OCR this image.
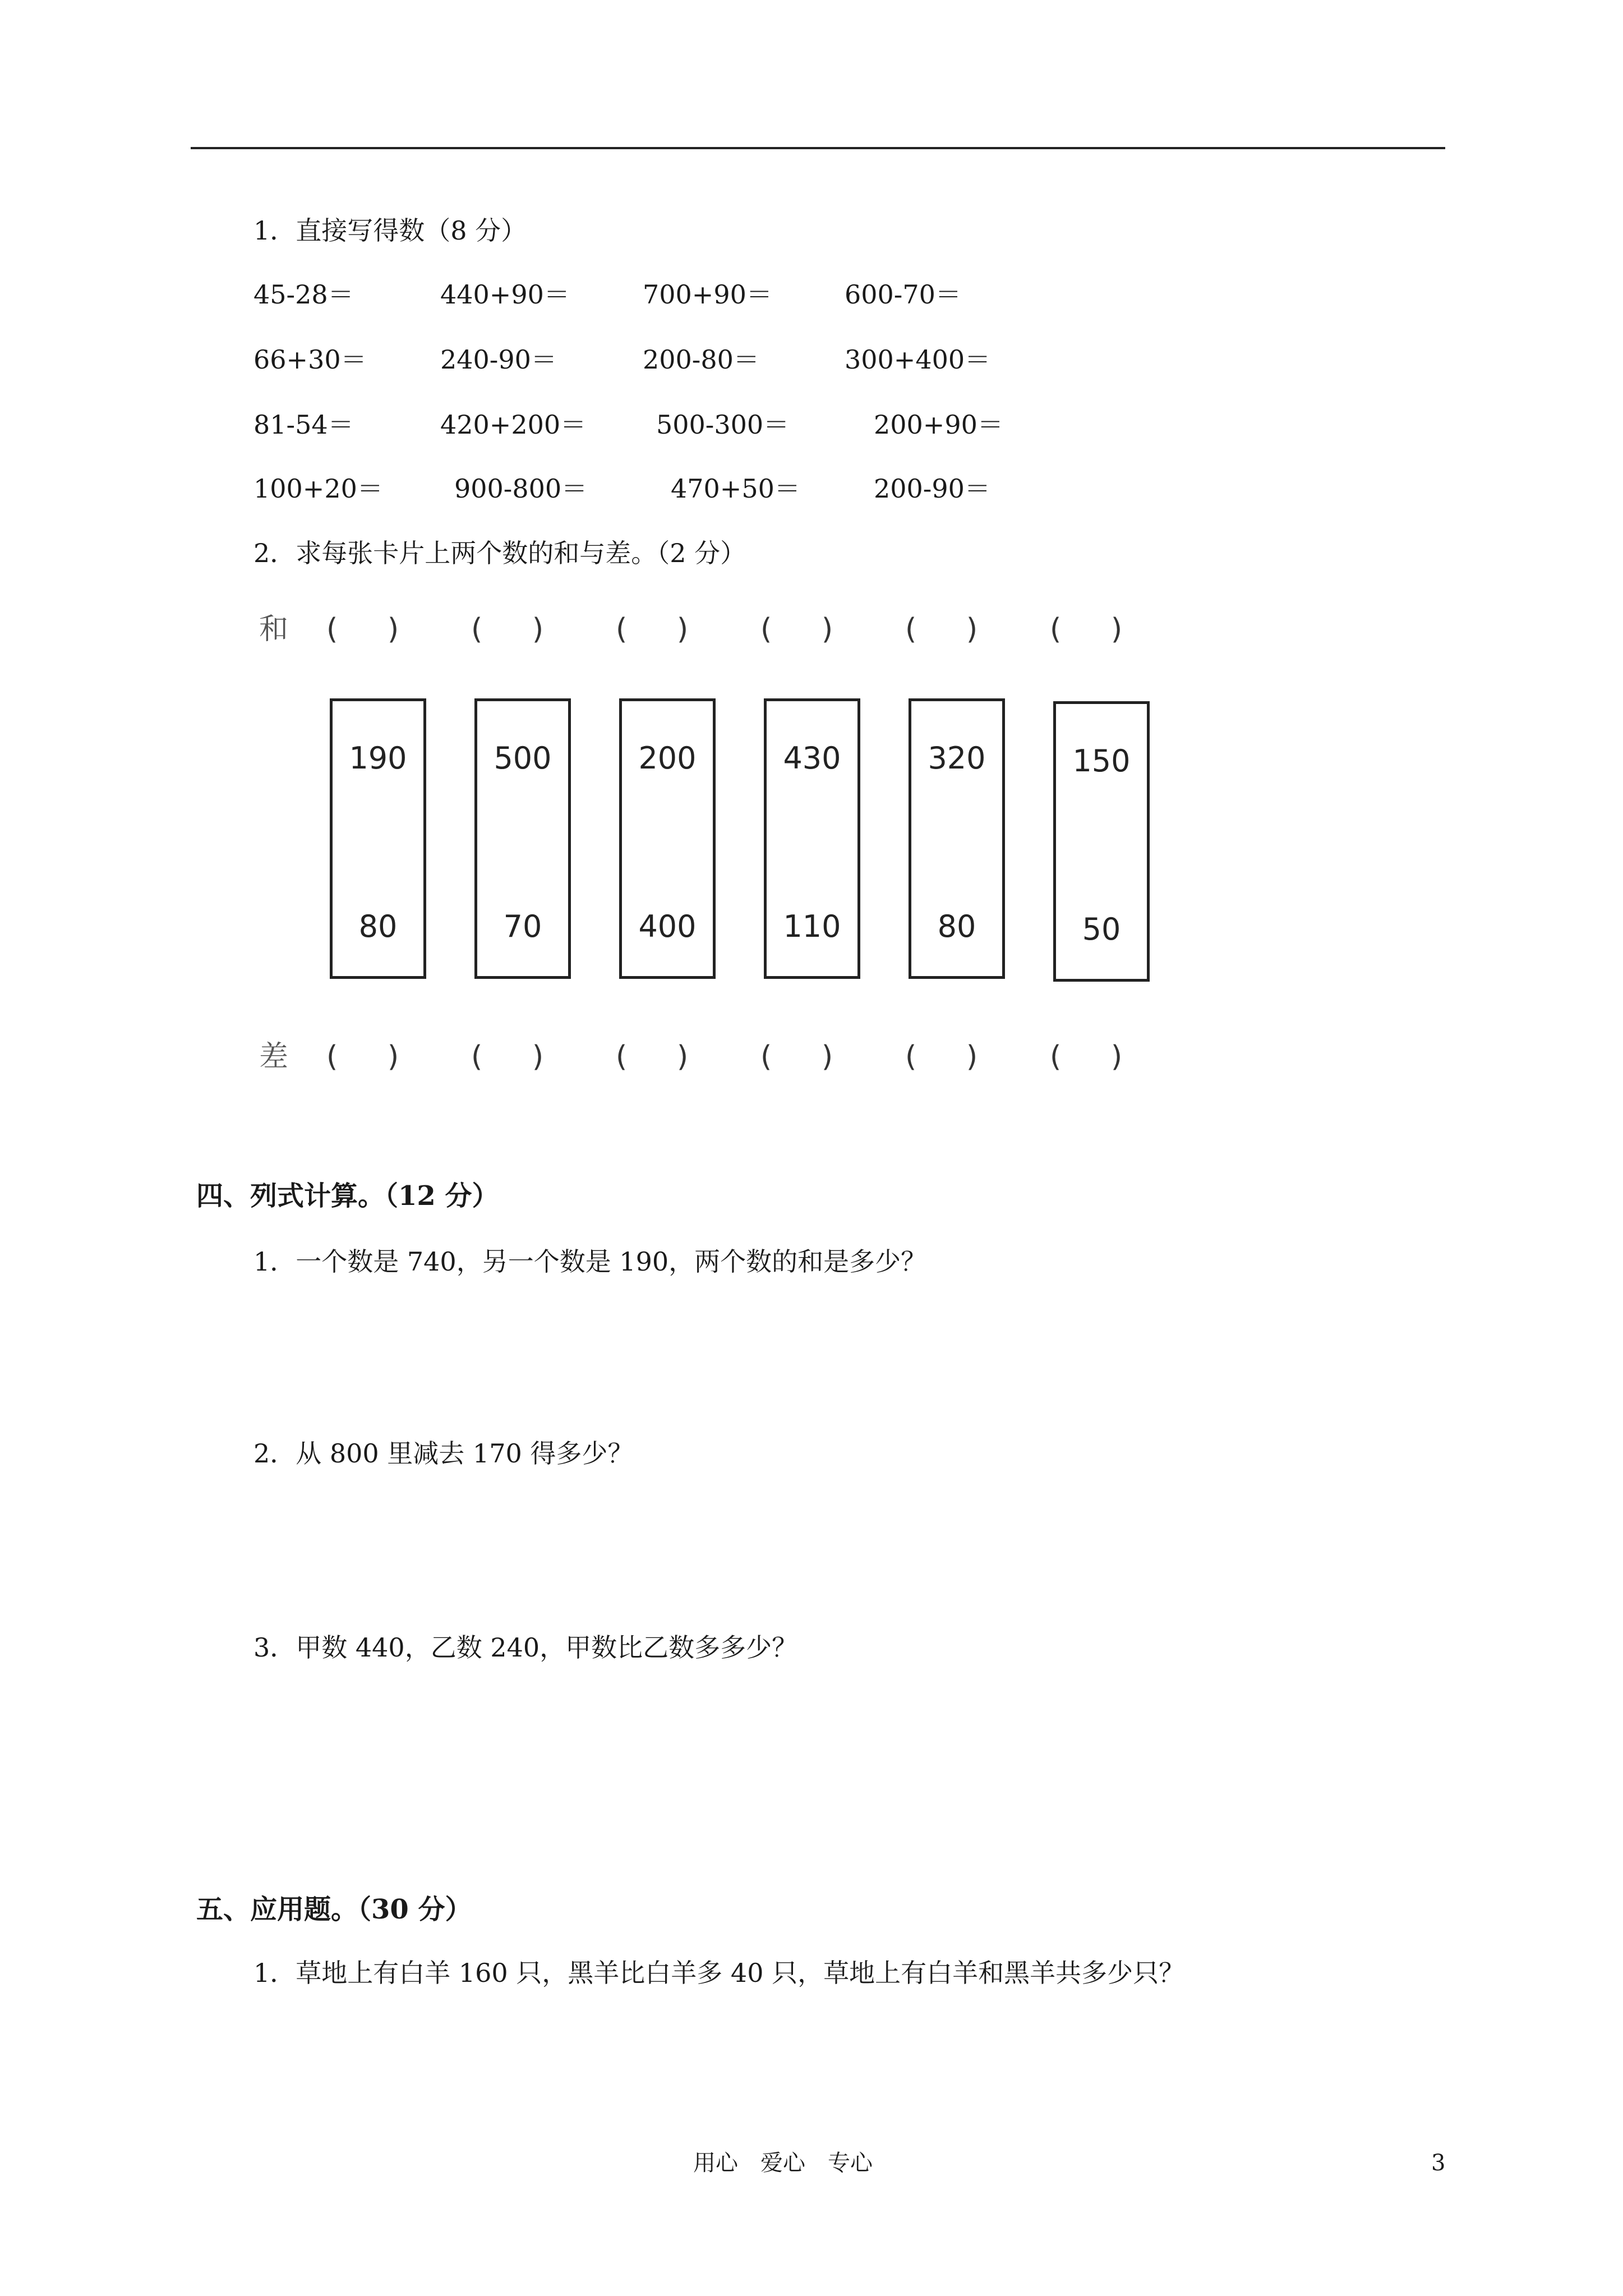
1．直接写得数（8 分）
45-28＝	440+90＝	700+90＝	600-70＝
66+30＝	240-90＝	200-80＝	300+400＝
81-54＝	420+200＝	500-300＝	200+90＝
100+20＝	900-800＝	470+50＝	200-90＝
2．求每张卡片上两个数的和与差。（2 分）
和 ( ) ( ) ( ) ( ) ( ) ( )
190
80
500
70
200
400
430
110
320
80
150
50
差 ( ) ( ) ( ) ( ) ( ) ( )
四、列式计算。（12 分）
1．一个数是 740，另一个数是 190，两个数的和是多少？
2．从 800 里减去 170 得多少？
3．甲数 440，乙数 240，甲数比乙数多多少？
五、应用题。（30 分）
1．草地上有白羊 160 只，黑羊比白羊多 40 只，草地上有白羊和黑羊共多少只？
用心　爱心　专心	3
